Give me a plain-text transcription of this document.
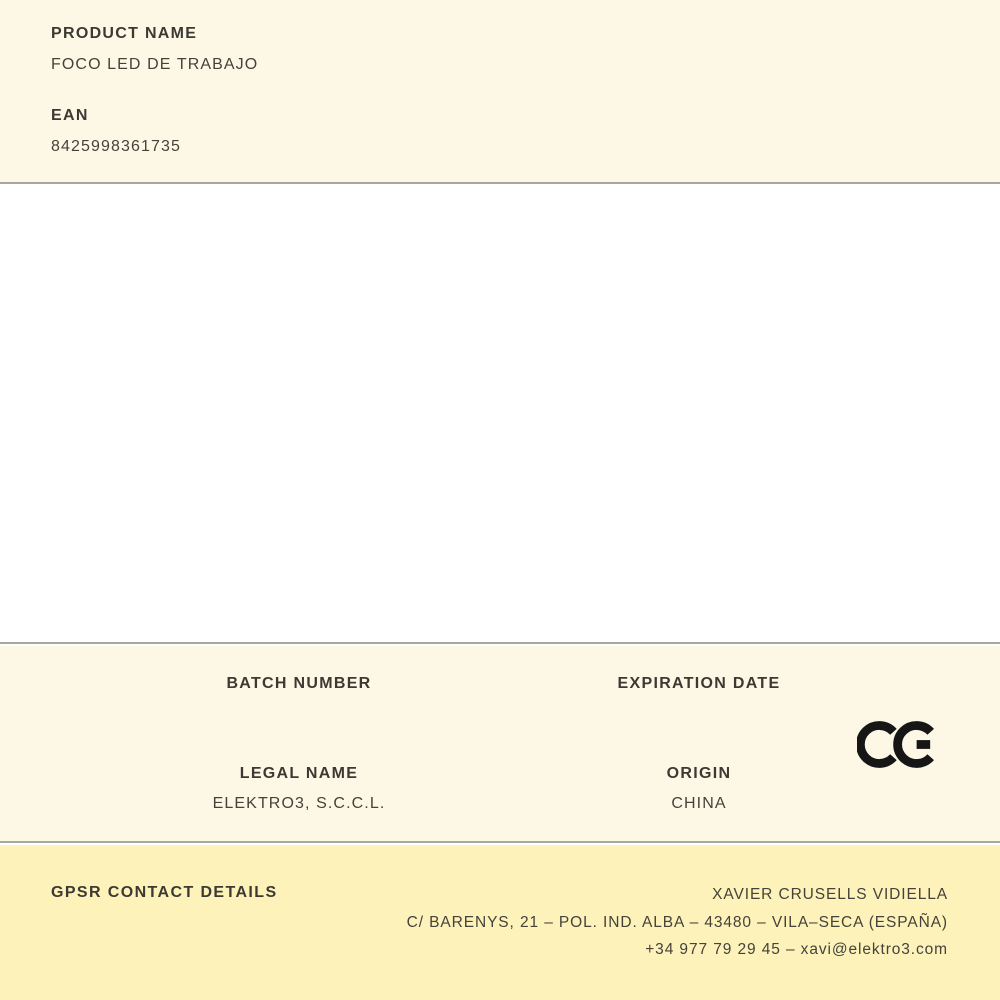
PRODUCT NAME
FOCO LED DE TRABAJO
EAN
8425998361735
BATCH NUMBER
LEGAL NAME
ELEKTRO3, S.C.C.L.
EXPIRATION DATE
ORIGIN
CHINA
GPSR CONTACT DETAILS	XAVIER CRUSELLS VIDIELLA
C/ BARENYS, 21 – POL. IND. ALBA – 43480 – VILA–SECA (ESPAÑA)
+34 977 79 29 45 – xavi@elektro3.com
